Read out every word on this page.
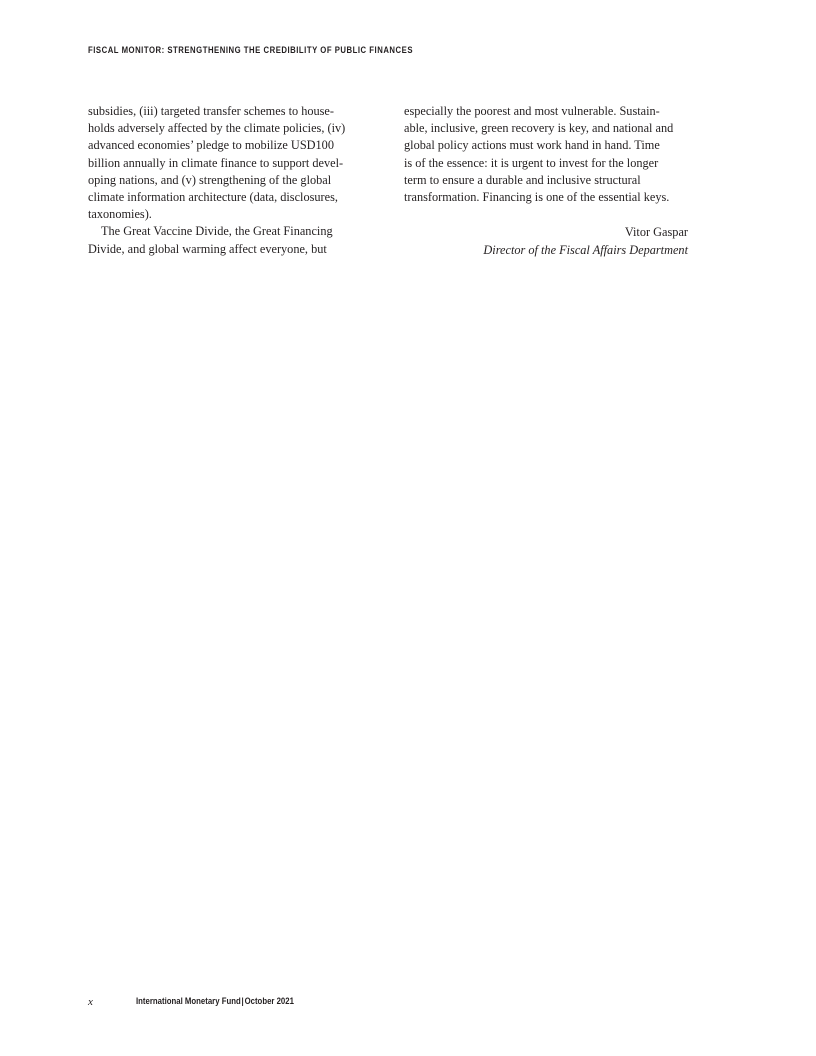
FISCAL MONITOR: STRENGTHENING THE CREDIBILITY OF PUBLIC FINANCES
subsidies, (iii) targeted transfer schemes to house-
holds adversely affected by the climate policies, (iv)
advanced economies’ pledge to mobilize USD100
billion annually in climate finance to support devel-
oping nations, and (v) strengthening of the global
climate information architecture (data, disclosures,
taxonomies).
The Great Vaccine Divide, the Great Financing
Divide, and global warming affect everyone, but
especially the poorest and most vulnerable. Sustain-
able, inclusive, green recovery is key, and national and
global policy actions must work hand in hand. Time
is of the essence: it is urgent to invest for the longer
term to ensure a durable and inclusive structural
transformation. Financing is one of the essential keys.
Vitor Gaspar
Director of the Fiscal Affairs Department
x	International Monetary Fund|October 2021
